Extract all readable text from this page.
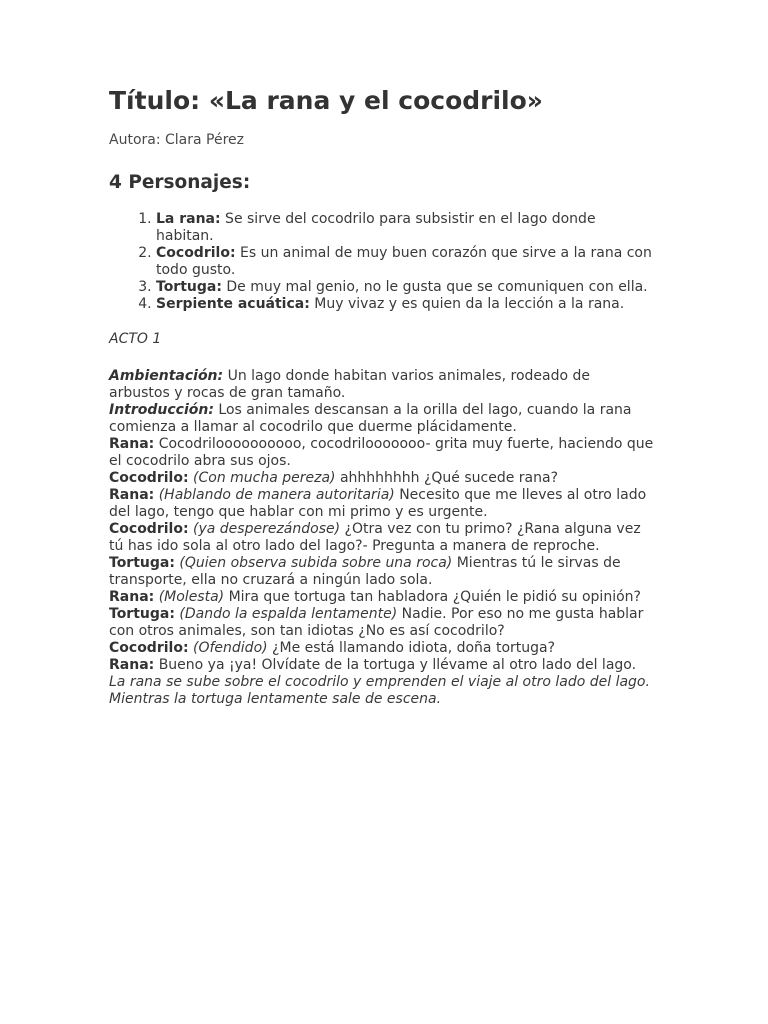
Título: «La rana y el cocodrilo»

Autora: Clara Pérez

4 Personajes:
1. La rana: Se sirve del cocodrilo para subsistir en el lago donde habitan.
2. Cocodrilo: Es un animal de muy buen corazón que sirve a la rana con todo gusto.
3. Tortuga: De muy mal genio, no le gusta que se comuniquen con ella.
4. Serpiente acuática: Muy vivaz y es quien da la lección a la rana.

ACTO 1

Ambientación: Un lago donde habitan varios animales, rodeado de arbustos y rocas de gran tamaño.

Introducción: Los animales descansan a la orilla del lago, cuando la rana comienza a llamar al cocodrilo que duerme plácidamente.

Rana: Cocodriloooooooooo, cocodrilooooooo- grita muy fuerte, haciendo que el cocodrilo abra sus ojos.

Cocodrilo: (Con mucha pereza) ahhhhhhhh ¿Qué sucede rana?

Rana: (Hablando de manera autoritaria) Necesito que me lleves al otro lado del lago, tengo que hablar con mi primo y es urgente.

Cocodrilo: (ya desperezándose) ¿Otra vez con tu primo? ¿Rana alguna vez tú has ido sola al otro lado del lago?- Pregunta a manera de reproche.

Tortuga: (Quien observa subida sobre una roca) Mientras tú le sirvas de transporte, ella no cruzará a ningún lado sola.

Rana: (Molesta) Mira que tortuga tan habladora ¿Quién le pidió su opinión?

Tortuga: (Dando la espalda lentamente) Nadie. Por eso no me gusta hablar con otros animales, son tan idiotas ¿No es así cocodrilo?

Cocodrilo: (Ofendido) ¿Me está llamando idiota, doña tortuga?

Rana: Bueno ya ¡ya! Olvídate de la tortuga y llévame al otro lado del lago.

La rana se sube sobre el cocodrilo y emprenden el viaje al otro lado del lago. Mientras la tortuga lentamente sale de escena.
